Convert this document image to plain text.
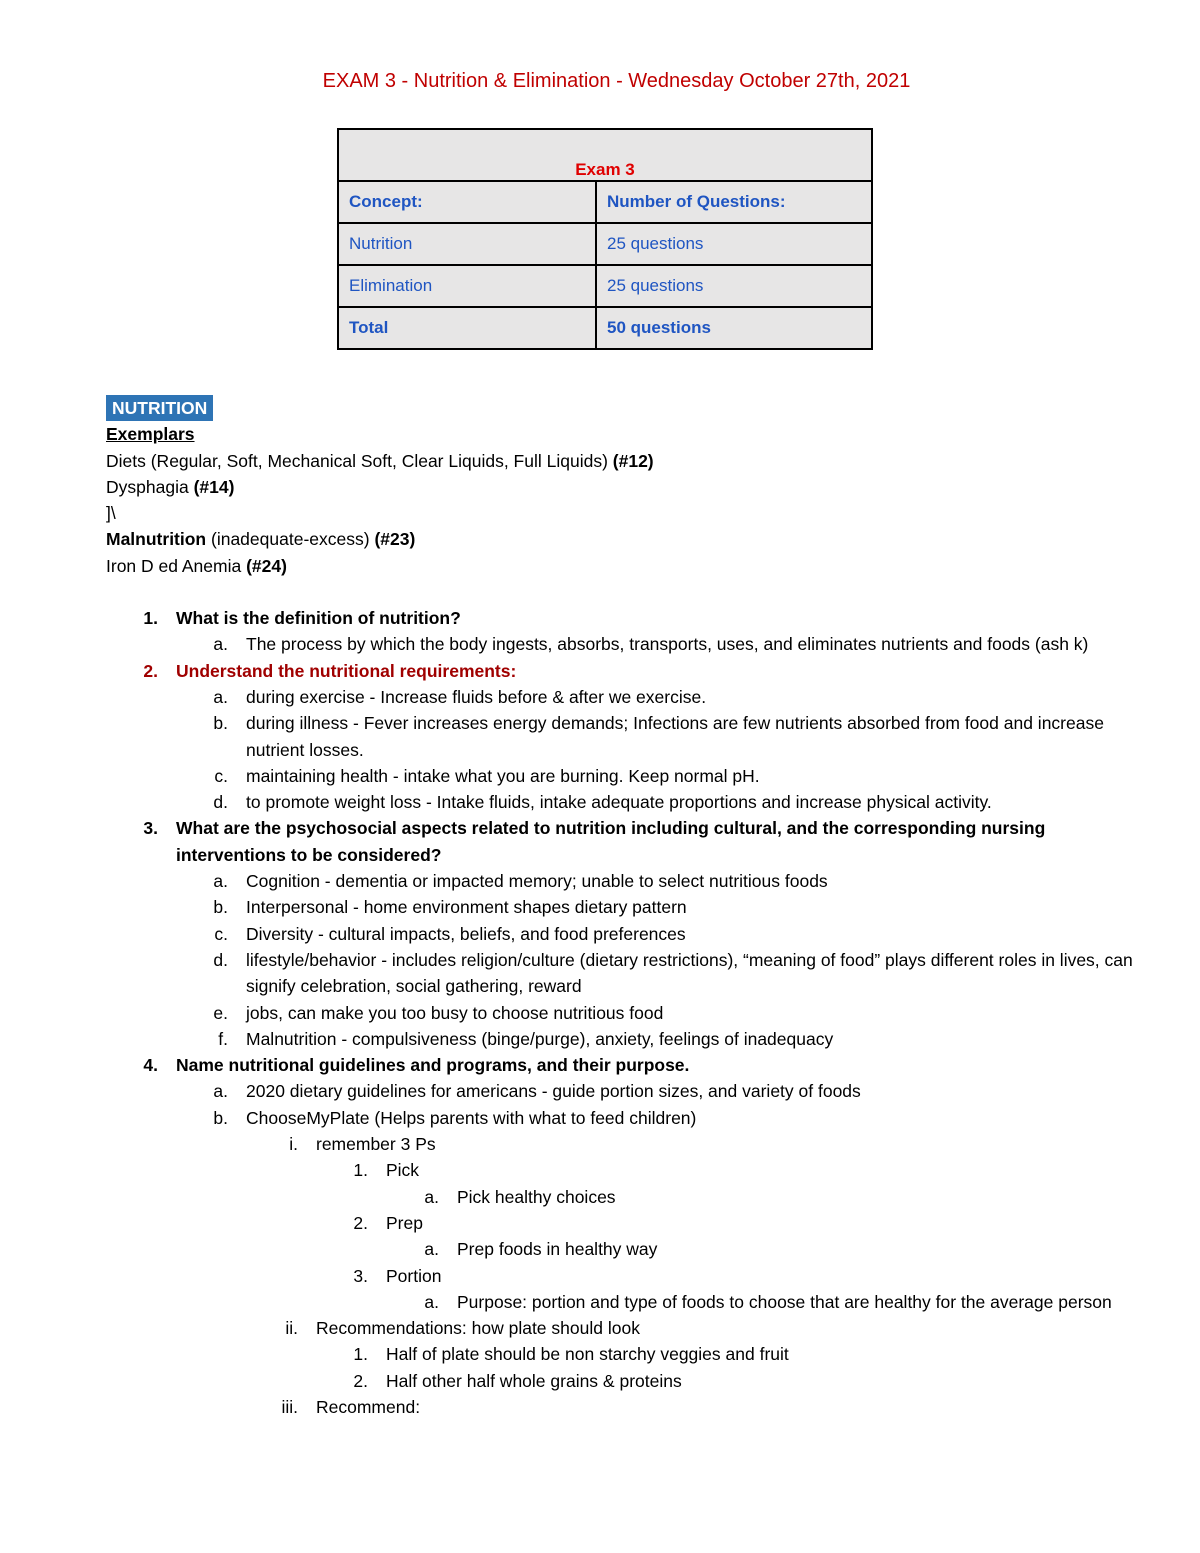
EXAM 3 - Nutrition & Elimination - Wednesday October 27th, 2021
Exam 3	
Concept:	Number of Questions:
Nutrition	25 questions
Elimination	25 questions
Total	50 questions
NUTRITION
Exemplars
Diets (Regular, Soft, Mechanical Soft, Clear Liquids, Full Liquids) (#12)
Dysphagia (#14)
]\
Malnutrition (inadequate-excess) (#23)
Iron D ed Anemia (#24)
1.	What is the definition of nutrition?
a.	The process by which the body ingests, absorbs, transports, uses, and eliminates nutrients and foods (ash k)
2.	Understand the nutritional requirements:
a.	during exercise - Increase fluids before & after we exercise.
b.	during illness - Fever increases energy demands; Infections are few nutrients absorbed from food and increase nutrient losses.
c.	maintaining health - intake what you are burning. Keep normal pH.
d.	to promote weight loss - Intake fluids, intake adequate proportions and increase physical activity.
3.	What are the psychosocial aspects related to nutrition including cultural, and the corresponding nursing interventions to be considered?
a.	Cognition - dementia or impacted memory; unable to select nutritious foods
b.	Interpersonal - home environment shapes dietary pattern
c.	Diversity - cultural impacts, beliefs, and food preferences
d.	lifestyle/behavior - includes religion/culture (dietary restrictions), “meaning of food” plays different roles in lives, can signify celebration, social gathering, reward
e.	jobs, can make you too busy to choose nutritious food
f.	Malnutrition - compulsiveness (binge/purge), anxiety, feelings of inadequacy
4.	Name nutritional guidelines and programs, and their purpose.
a.	2020 dietary guidelines for americans - guide portion sizes, and variety of foods
b.	ChooseMyPlate (Helps parents with what to feed children)
i.	remember 3 Ps
1.	Pick
a.	Pick healthy choices
2.	Prep
a.	Prep foods in healthy way
3.	Portion
a.	Purpose: portion and type of foods to choose that are healthy for the average person
ii.	Recommendations: how plate should look
1.	Half of plate should be non starchy veggies and fruit
2.	Half other half whole grains & proteins
iii.	Recommend:
